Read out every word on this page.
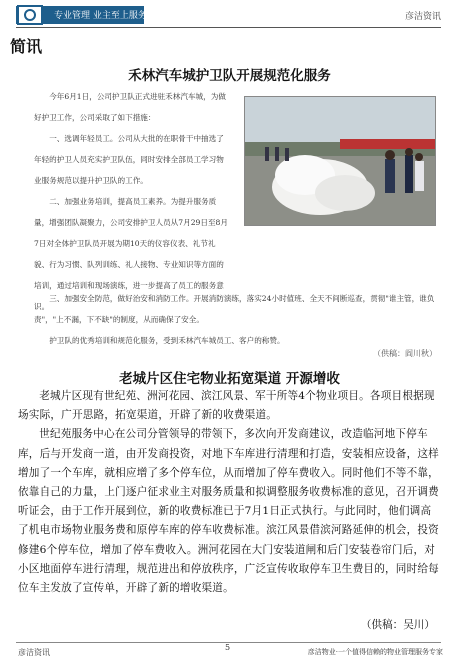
专业管理 业主至上服务	彦洁资讯
简讯
禾林汽车城护卫队开展规范化服务

今年6月1日，公司护卫队正式进驻禾林汽车城，为做好护卫工作，公司采取了如下措施：

一、选调年轻员工。公司从大批的在职骨干中抽选了年轻的护卫人员充实护卫队伍，同时安排全部员工学习物业服务规范以提升护卫队的工作。

二、加强业务培训，提高员工素养。为提升服务质量，增强团队凝聚力，公司安排护卫人员从7月29日至8月7日对全体护卫队员开展为期10天的仪容仪表、礼节礼貌、行为习惯、队列训练、礼人接物、专业知识等方面的培训，通过培训和现场演练，进一步提高了员工的服务意识。

三、加强安全防范，做好治安和消防工作。开展消防演练，落实24小时值班、全天不间断巡查，贯彻"谁主管，谁负责"，"上不漏，下不缺"的制度，从而确保了安全。

护卫队的优秀培训和规范化服务，受到禾林汽车城员工、客户的称赞。

（供稿：阎川秋）
老城片区住宅物业拓宽渠道 开源增收

老城片区现有世纪苑、洲河花园、滨江风景、军干所等4个物业项目。各项目根据现场实际，广开思路，拓宽渠道，开辟了新的收费渠道。

世纪苑服务中心在公司分管领导的带领下，多次向开发商建议，改造临河地下停车库，后与开发商一道，由开发商投资，对地下车库进行清理和打造，安装相应设备，这样增加了一个车库，就相应增了多个停车位，从而增加了停车费收入。同时他们不等不靠，依靠自己的力量，上门逐户征求业主对服务质量和拟调整服务收费标准的意见，召开调费听证会，由于工作开展到位，新的收费标准已于7月1日正式执行。与此同时，他们调高了机电市场物业服务费和原停车库的停车收费标准。滨江风景借滨河路延伸的机会，投资修建6个停车位，增加了停车费收入。洲河花园在大门安装道闸和后门安装卷帘门后，对小区地面停车进行清理，规范进出和停放秩序，广泛宣传收取停车卫生费目的，同时给每位车主发放了宣传单，开辟了新的增收渠道。

（供稿：吴川）
彦洁资讯
5	彦洁物业·一个值得信赖的物业管理服务专家
